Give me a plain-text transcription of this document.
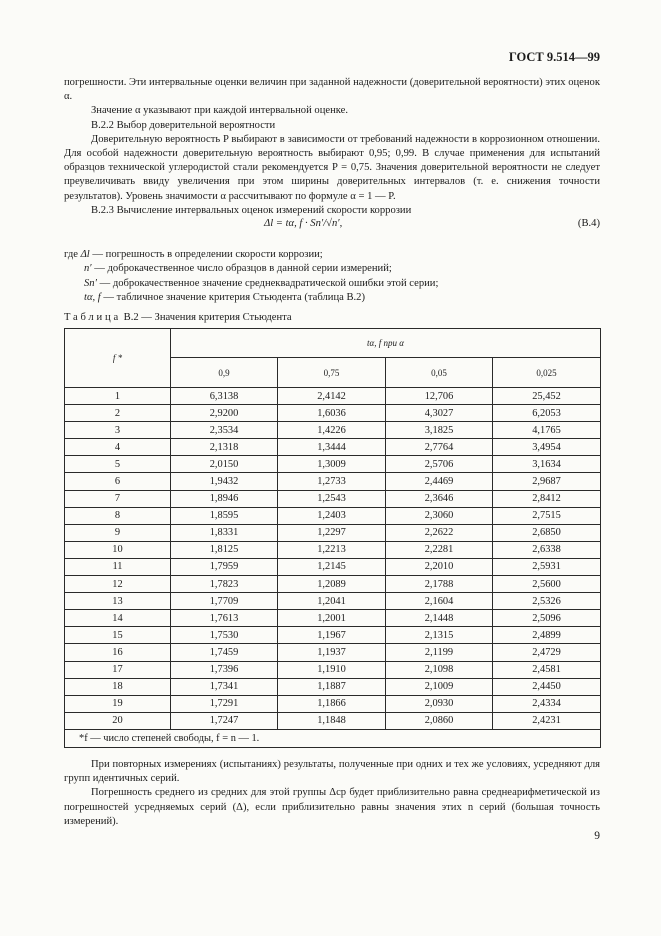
ГОСТ 9.514—99

погрешности. Эти интервальные оценки величин при заданной надежности (доверительной вероятности) этих оценок α.

Значение α указывают при каждой интервальной оценке.

В.2.2 Выбор доверительной вероятности

Доверительную вероятность P выбирают в зависимости от требований надежности в коррозионном отношении. Для особой надежности доверительную вероятность выбирают 0,95; 0,99. В случае применения для испытаний образцов технической углеродистой стали рекомендуется P = 0,75. Значения доверительной вероятности не следует преувеличивать ввиду увеличения при этом ширины доверительных интервалов (т. е. снижения точности результатов). Уровень значимости α рассчитывают по формуле α = 1 — P.

В.2.3 Вычисление интервальных оценок измерений скорости коррозии

Δl = tα, f · Sn′/√n′,	(В.4)
где Δl — погрешность в определении скорости коррозии;
n′ — доброкачественное число образцов в данной серии измерений;
Sn′ — доброкачественное значение среднеквадратической ошибки этой серии;
tα, f — табличное значение критерия Стьюдента (таблица В.2)
Таблица В.2 — Значения критерия Стьюдента
f *	tα, f при α			
	0,9	0,75	0,05	0,025
1	6,3138	2,4142	12,706	25,452
2	2,9200	1,6036	4,3027	6,2053
3	2,3534	1,4226	3,1825	4,1765
4	2,1318	1,3444	2,7764	3,4954
5	2,0150	1,3009	2,5706	3,1634
6	1,9432	1,2733	2,4469	2,9687
7	1,8946	1,2543	2,3646	2,8412
8	1,8595	1,2403	2,3060	2,7515
9	1,8331	1,2297	2,2622	2,6850
10	1,8125	1,2213	2,2281	2,6338
11	1,7959	1,2145	2,2010	2,5931
12	1,7823	1,2089	2,1788	2,5600
13	1,7709	1,2041	2,1604	2,5326
14	1,7613	1,2001	2,1448	2,5096
15	1,7530	1,1967	2,1315	2,4899
16	1,7459	1,1937	2,1199	2,4729
17	1,7396	1,1910	2,1098	2,4581
18	1,7341	1,1887	2,1009	2,4450
19	1,7291	1,1866	2,0930	2,4334
20	1,7247	1,1848	2,0860	2,4231
*f — число степеней свободы, f = n — 1.				

При повторных измерениях (испытаниях) результаты, полученные при одних и тех же условиях, усредняют для групп идентичных серий.

Погрешность среднего из средних для этой группы Δср будет приблизительно равна среднеарифметической из погрешностей усредняемых серий (Δ), если приблизительно равны значения этих n серий (большая точность измерений).

9
